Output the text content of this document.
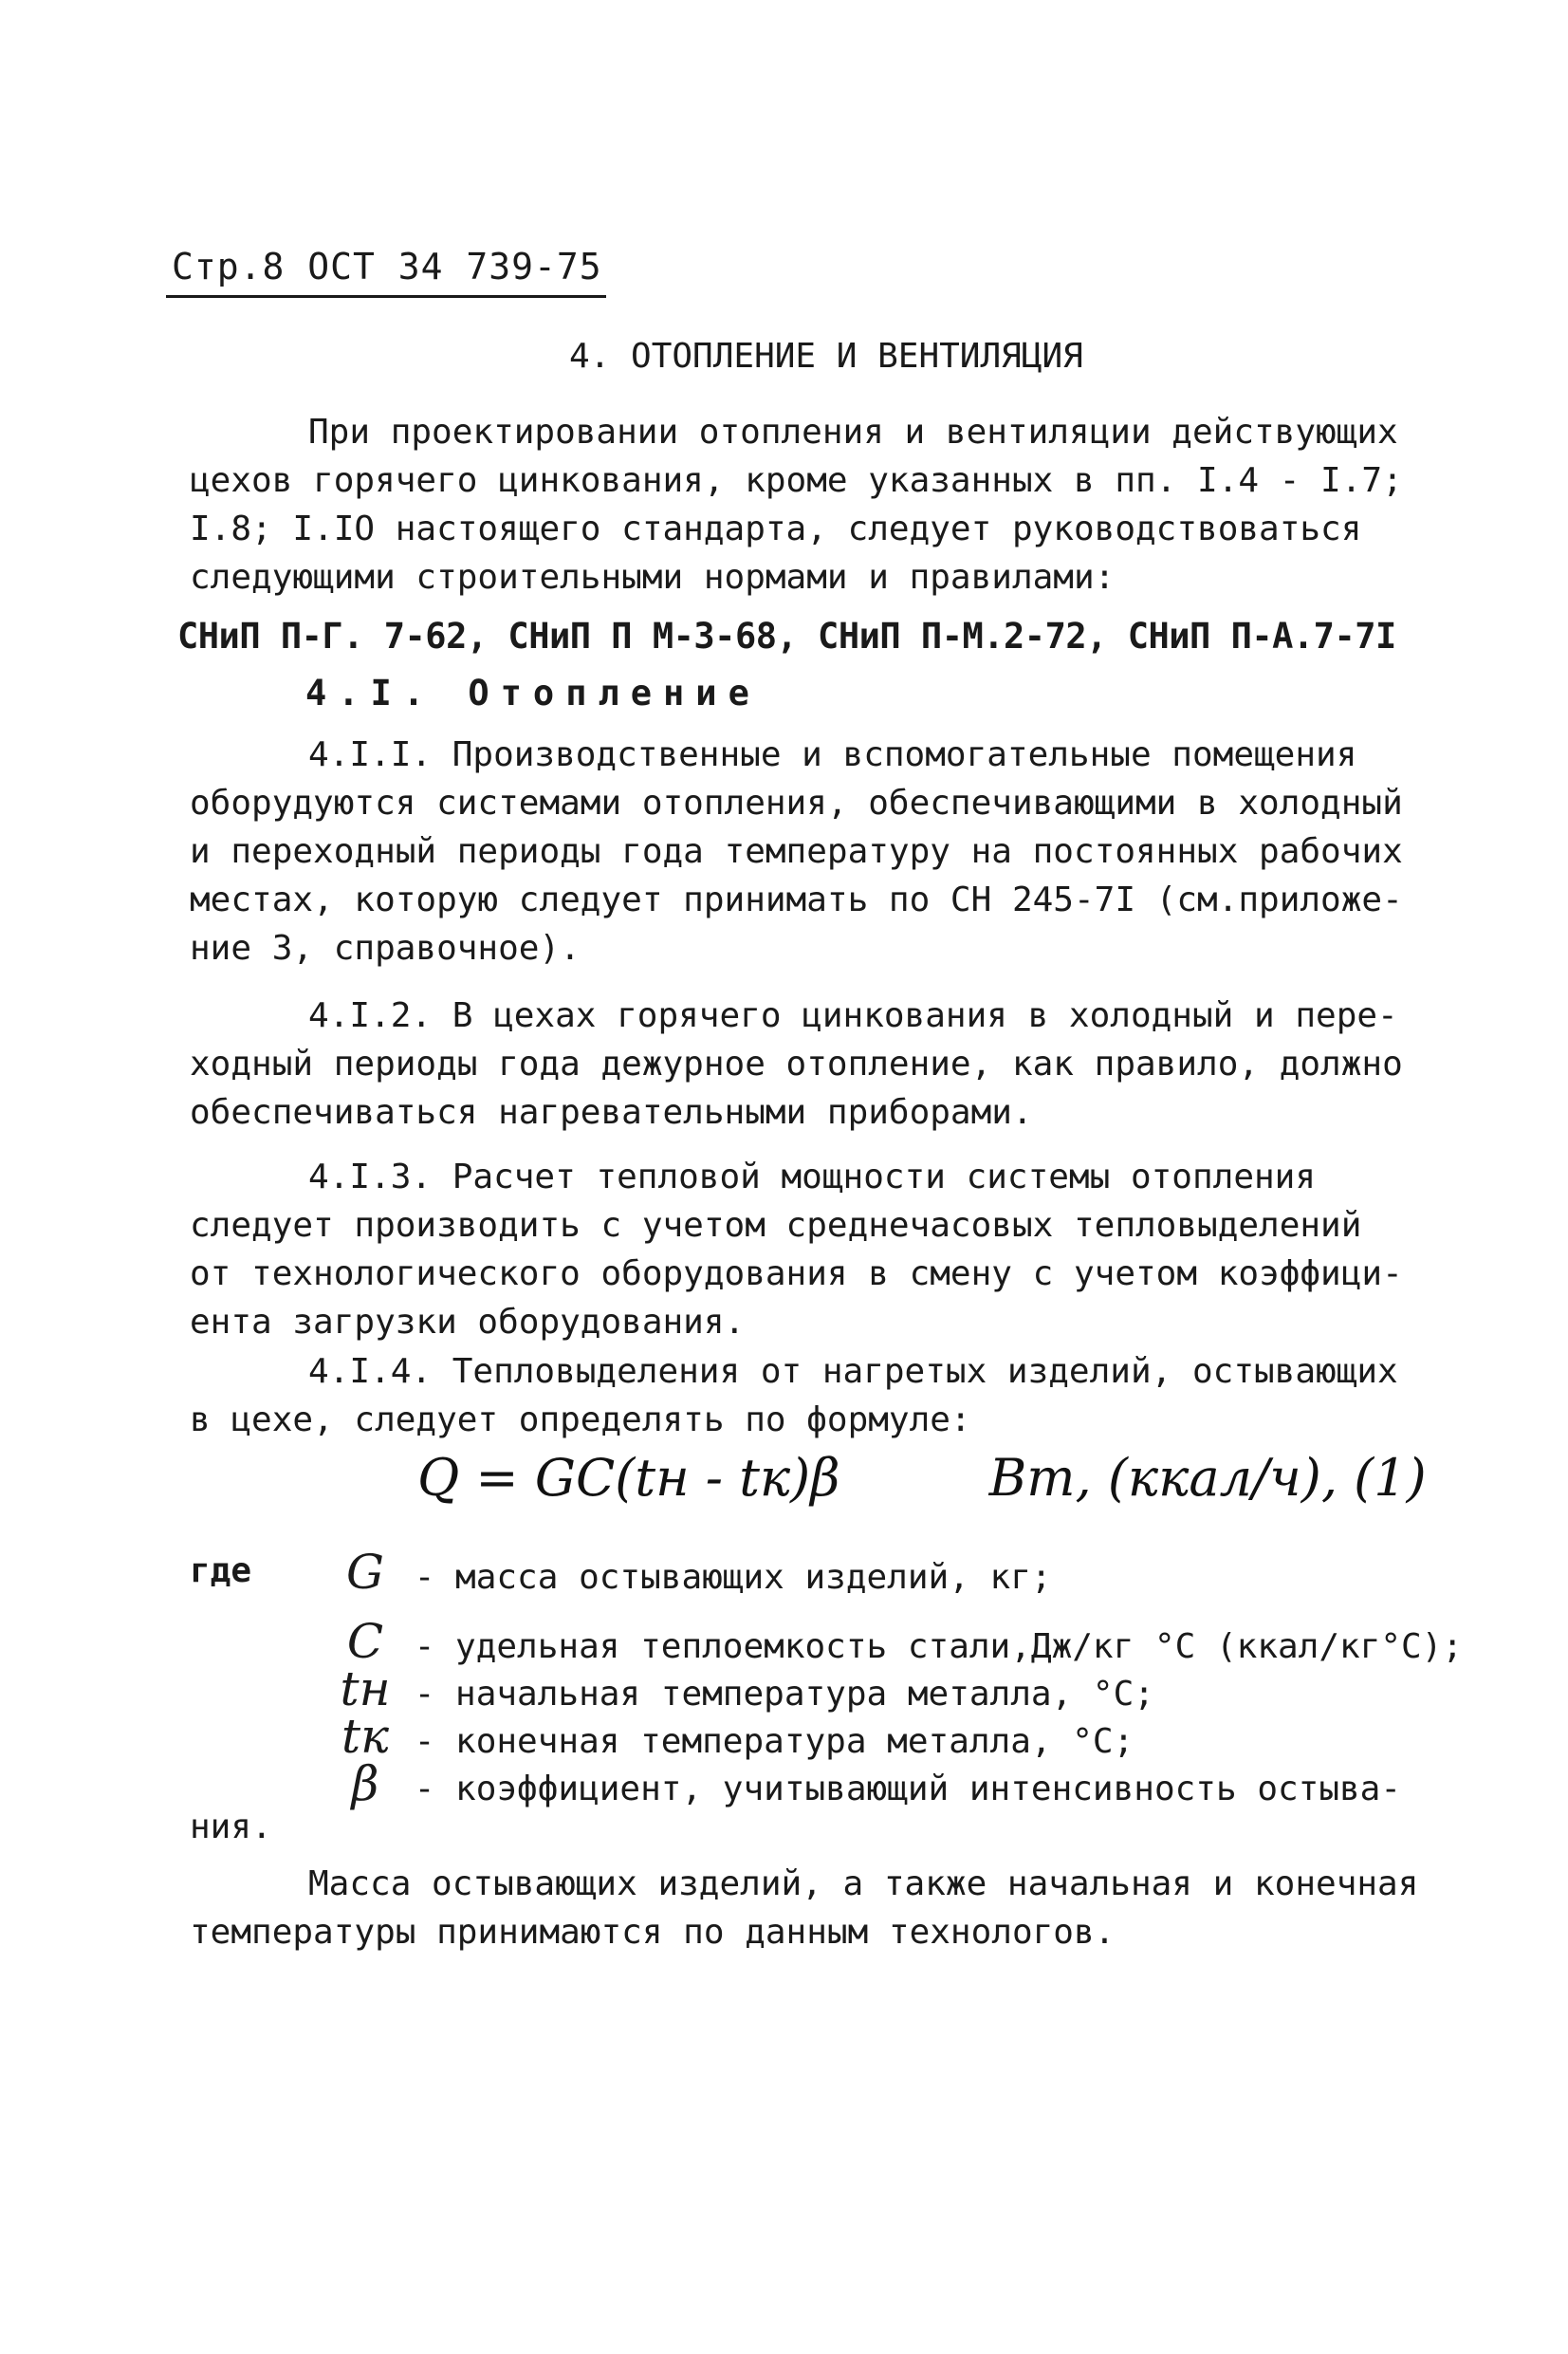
Стр.8 ОСТ 34 739-75
4. ОТОПЛЕНИЕ И ВЕНТИЛЯЦИЯ
При проектировании отопления и вентиляции действующих
цехов горячего цинкования, кроме указанных в пп. I.4 - I.7;
I.8; I.IO настоящего стандарта, следует руководствоваться
следующими строительными нормами и правилами:
СНиП П-Г. 7-62, СНиП П М-3-68, СНиП П-М.2-72, СНиП П-А.7-7I
4.I. Отопление
4.I.I. Производственные и вспомогательные помещения
оборудуются системами отопления, обеспечивающими в холодный
и переходный периоды года температуру на постоянных рабочих
местах, которую следует принимать по СН 245-7I (см.приложе-
ние 3, справочное).
4.I.2. В цехах горячего цинкования в холодный и пере-
ходный периоды года дежурное отопление, как правило, должно
обеспечиваться нагревательными приборами.
4.I.3. Расчет тепловой мощности системы отопления
следует производить с учетом среднечасовых тепловыделений
от технологического оборудования в смену с учетом коэффици-
ента загрузки оборудования.
4.I.4. Тепловыделения от нагретых изделий, остывающих
в цехе, следует определять по формуле:
Q = GC(tн - tк)β	Вт, (ккал/ч), (1)
где G - масса остывающих изделий, кг;
C - удельная теплоемкость стали,Дж/кг °С (ккал/кг°С);
tн - начальная температура металла, °С;
tк - конечная температура металла, °С;
β - коэффициент, учитывающий интенсивность остыва-
ния.
Масса остывающих изделий, а также начальная и конечная
температуры принимаются по данным технологов.
